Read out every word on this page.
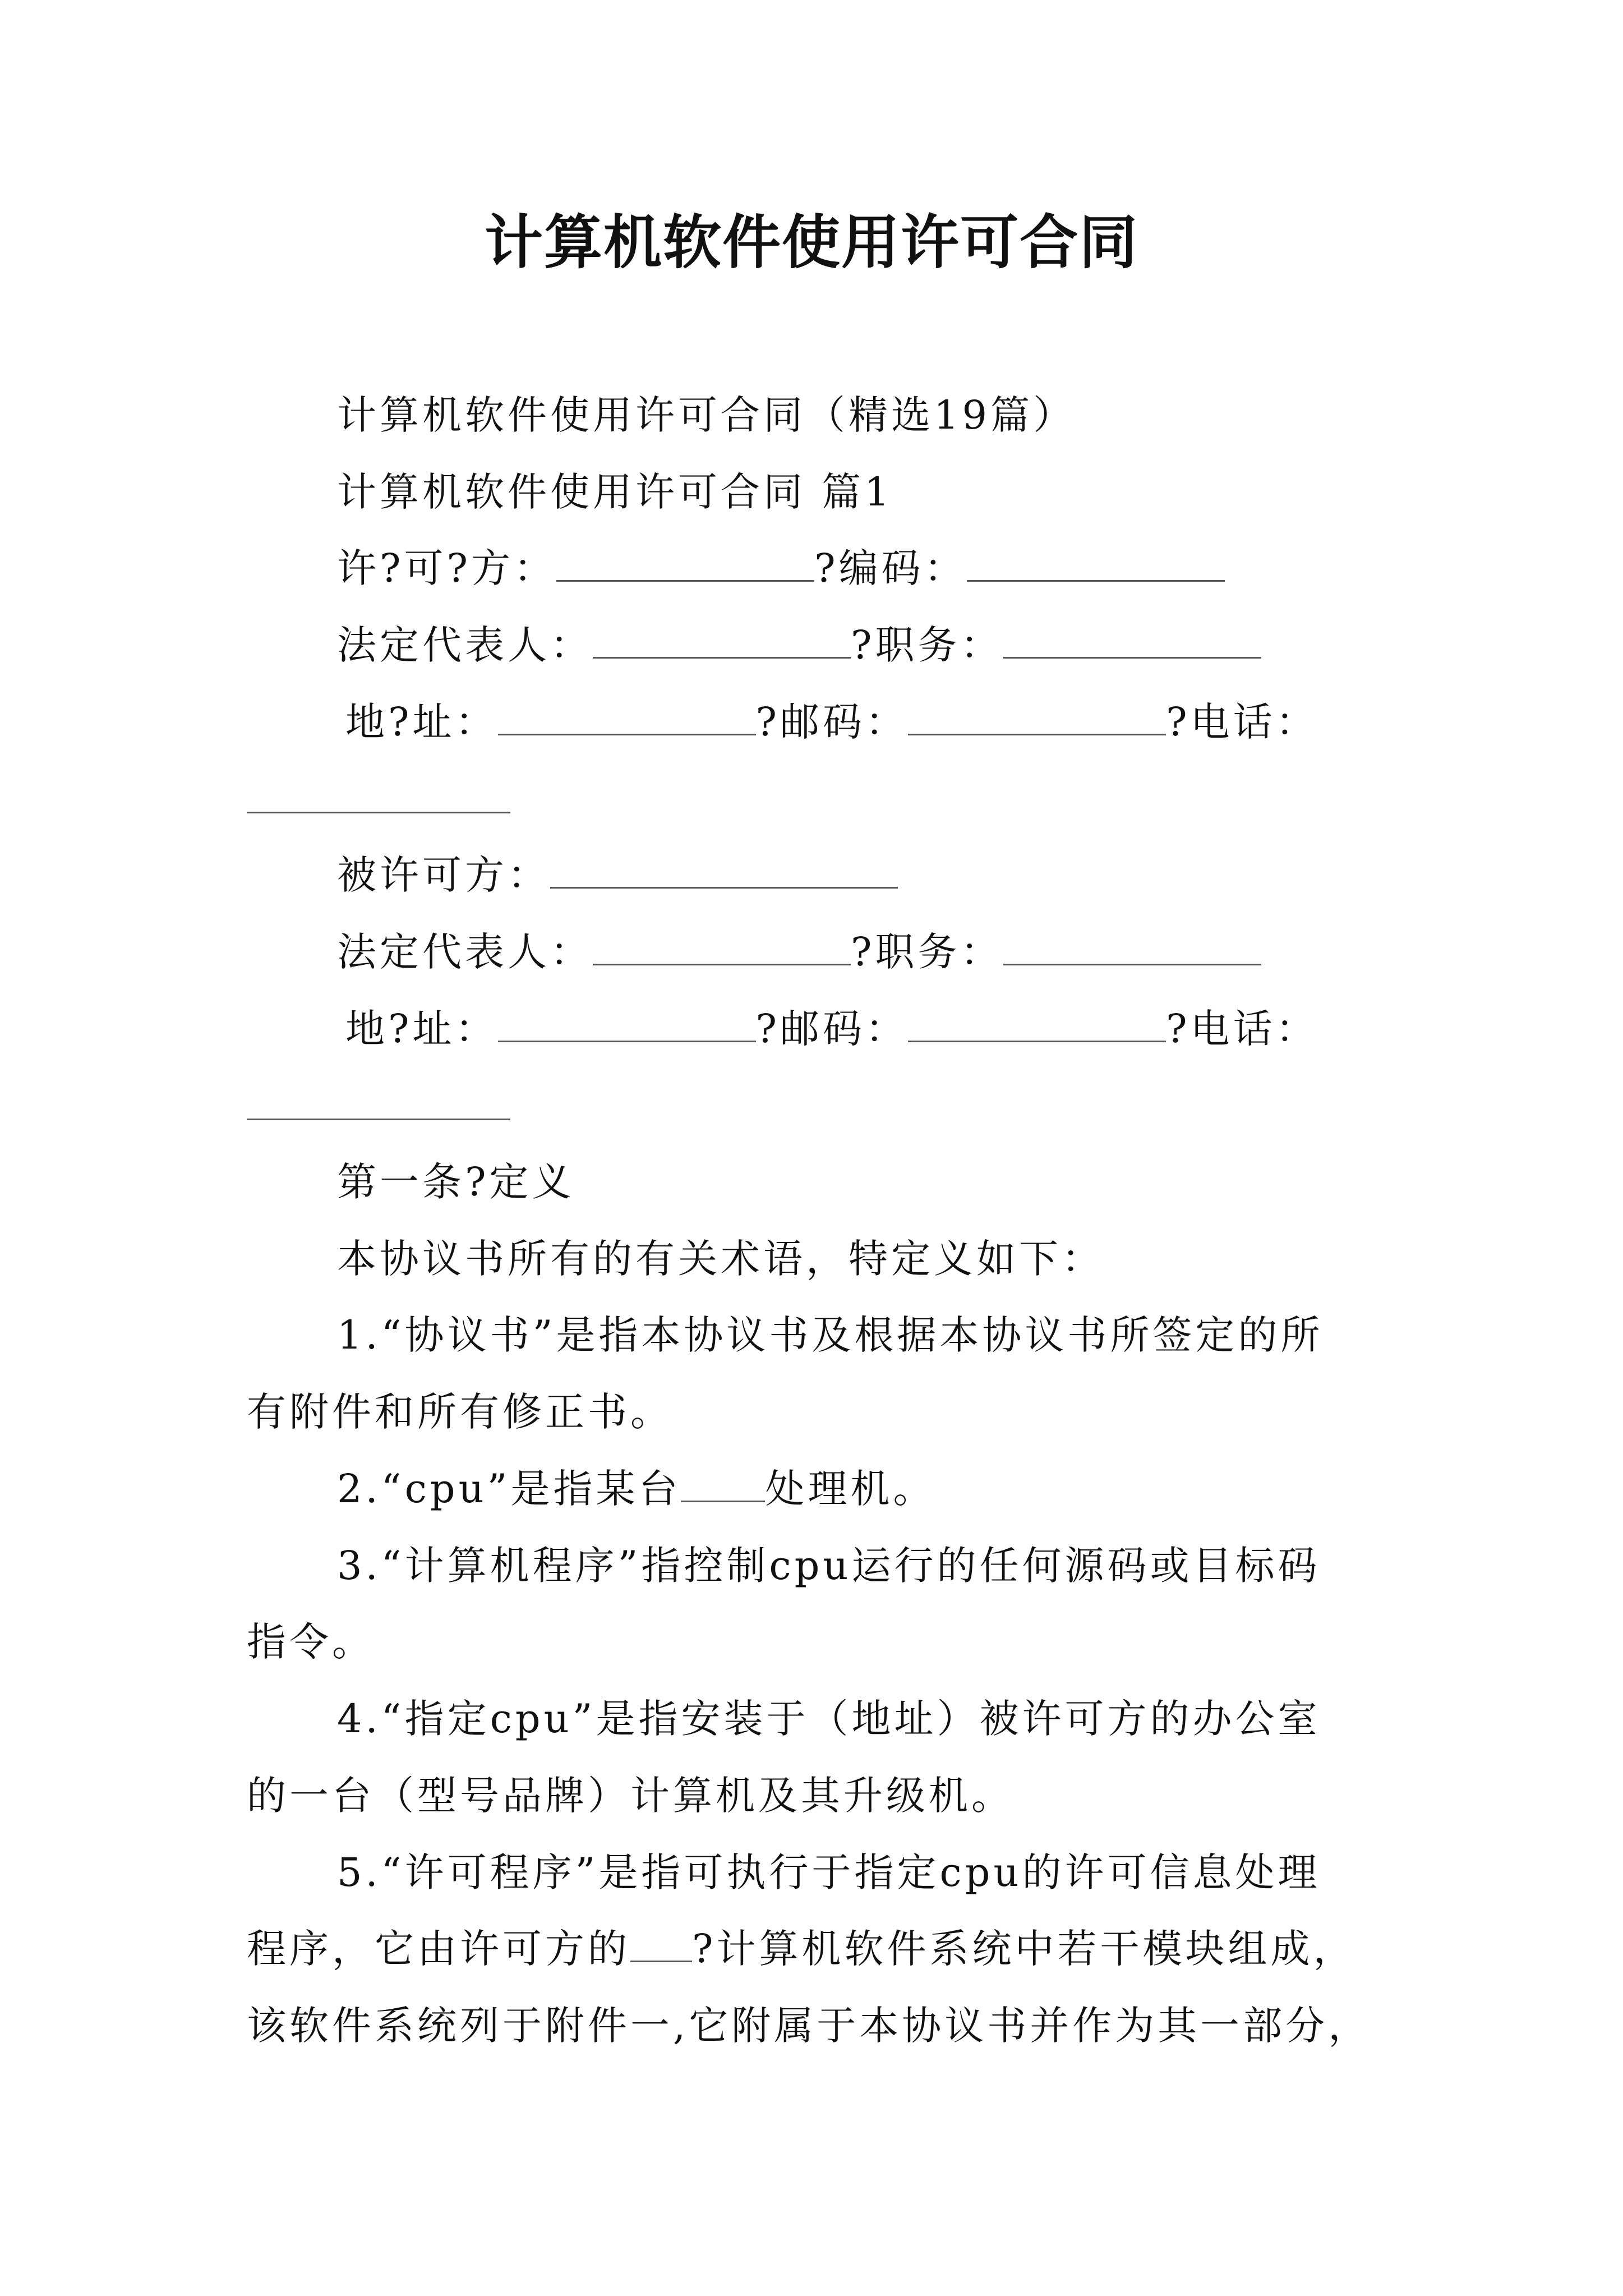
计算机软件使用许可合同
计算机软件使用许可合同（精选19篇）
计算机软件使用许可合同 篇1
许?可?方：	?编码：
法定代表人：	?职务：
地?址：	?邮码：	?电话：
被许可方：
法定代表人：	?职务：
地?址：	?邮码：	?电话：
第一条?定义
本协议书所有的有关术语，特定义如下：
1.“协议书”是指本协议书及根据本协议书所签定的所
有附件和所有修正书。
2.“cpu”是指某台 处理机。
3.“计算机程序”指控制cpu运行的任何源码或目标码
指令。
4.“指定cpu”是指安装于（地址）被许可方的办公室
的一台（型号品牌）计算机及其升级机。
5.“许可程序”是指可执行于指定cpu的许可信息处理
程序，它由许可方的 ?计算机软件系统中若干模块组成，
该软件系统列于附件一,它附属于本协议书并作为其一部分，
